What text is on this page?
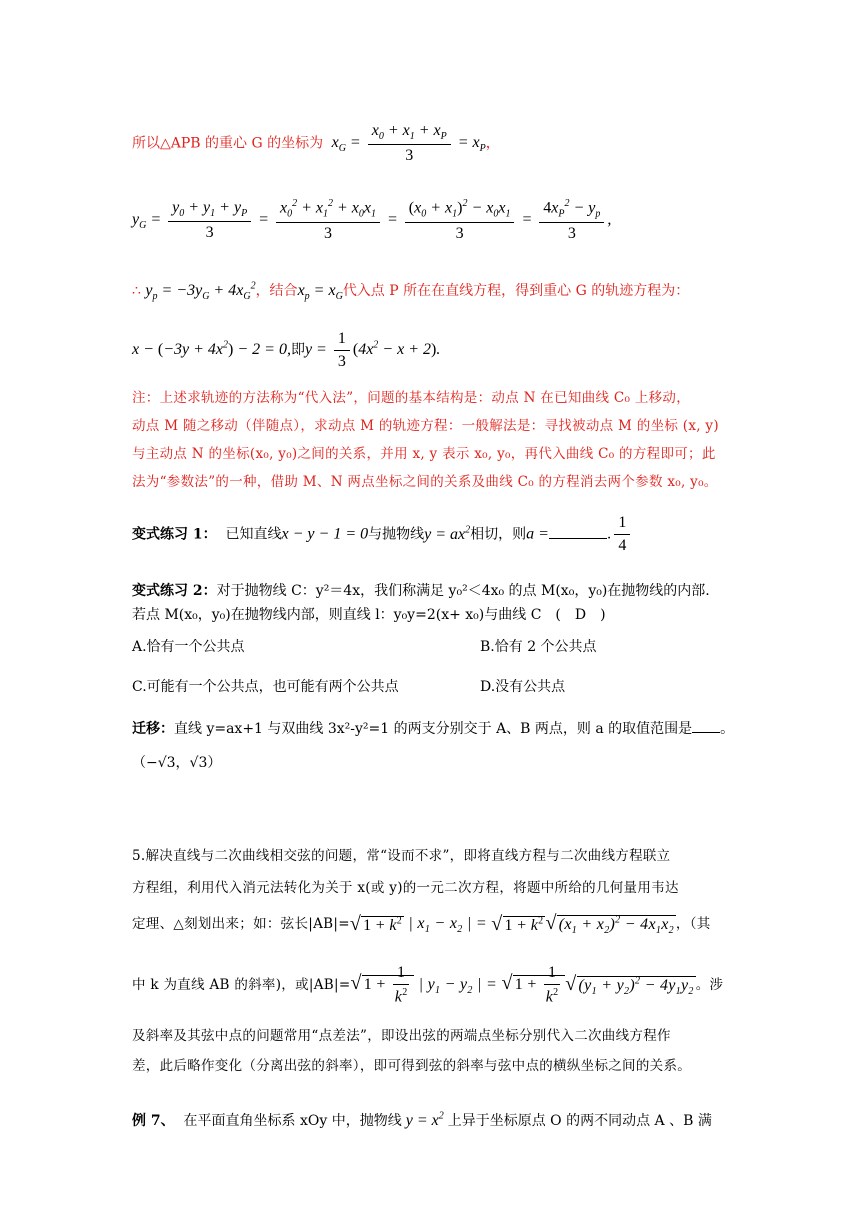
所以△APB 的重心 G 的坐标为  $x_G = \frac{x_0 + x_1 + x_P}{3} = x_P$，
$y_G = \frac{y_0 + y_1 + y_P}{3} = \frac{x_0^2 + x_1^2 + x_0x_1}{3} = \frac{(x_0 + x_1)^2 - x_0x_1}{3} = \frac{4x_P^2 - y_p}{3}$ ,
∴ $y_p = -3y_G + 4x_G^2$，结合$x_p = x_G$代入点 P 所在在直线方程，得到重心 G 的轨迹方程为：
$x - (-3y + 4x^2) - 2 = 0$,即$y = \frac{1}{3} (4x^2 - x + 2)$.
注：上述求轨迹的方法称为“代入法”，问题的基本结构是：动点 N 在已知曲线 C₀ 上移动，
动点 M 随之移动（伴随点），求动点 M 的轨迹方程：一般解法是：寻找被动点 M 的坐标 (x, y)
与主动点 N 的坐标(x₀, y₀)之间的关系，并用 x, y 表示 x₀, y₀，再代入曲线 C₀ 的方程即可；此
法为“参数法”的一种，借助 M、N 两点坐标之间的关系及曲线 C₀ 的方程消去两个参数 x₀, y₀。
变式练习 1： 已知直线x − y − 1 = 0与抛物线$y = ax^2$相切，则a =	. $\frac{1}{4}$
变式练习 2：对于抛物线 C：y²＝4x，我们称满足 y₀²＜4x₀ 的点 M(x₀，y₀)在抛物线的内部.
若点 M(x₀，y₀)在抛物线内部，则直线 l：y₀y=2(x+ x₀)与曲线 C　(　D　)
A.恰有一个公共点	B.恰有 2 个公共点
C.可能有一个公共点，也可能有两个公共点	D.没有公共点
迁移：直线 y=ax+1 与双曲线 3x²-y²=1 的两支分别交于 A、B 两点，则 a 的取值范围是 。
（−√3，√3）
5.解决直线与二次曲线相交弦的问题，常“设而不求”，即将直线方程与二次曲线方程联立
方程组，利用代入消元法转化为关于 x(或 y)的一元二次方程，将题中所给的几何量用韦达
定理、△刻划出来；如：弦长|AB|=√ $1 + k^2$ | $x_1 - x_2$ | = √ $1 + k^2$ √ $(x_1 + x_2)^2 - 4x_1x_2$ ，（其
中 k 为直线 AB 的斜率)，或|AB|=√ $1 + \frac{1}{k^2}$ | $y_1 - y_2$ | = √ $1 + \frac{1}{k^2}$ √ $(y_1 + y_2)^2 - 4y_1y_2$ 。涉
及斜率及其弦中点的问题常用“点差法”，即设出弦的两端点坐标分别代入二次曲线方程作
差，此后略作变化（分离出弦的斜率），即可得到弦的斜率与弦中点的横纵坐标之间的关系。
例 7、 在平面直角坐标系 xOy 中，抛物线 $y = x^2$ 上异于坐标原点 O 的两不同动点 A 、B 满
